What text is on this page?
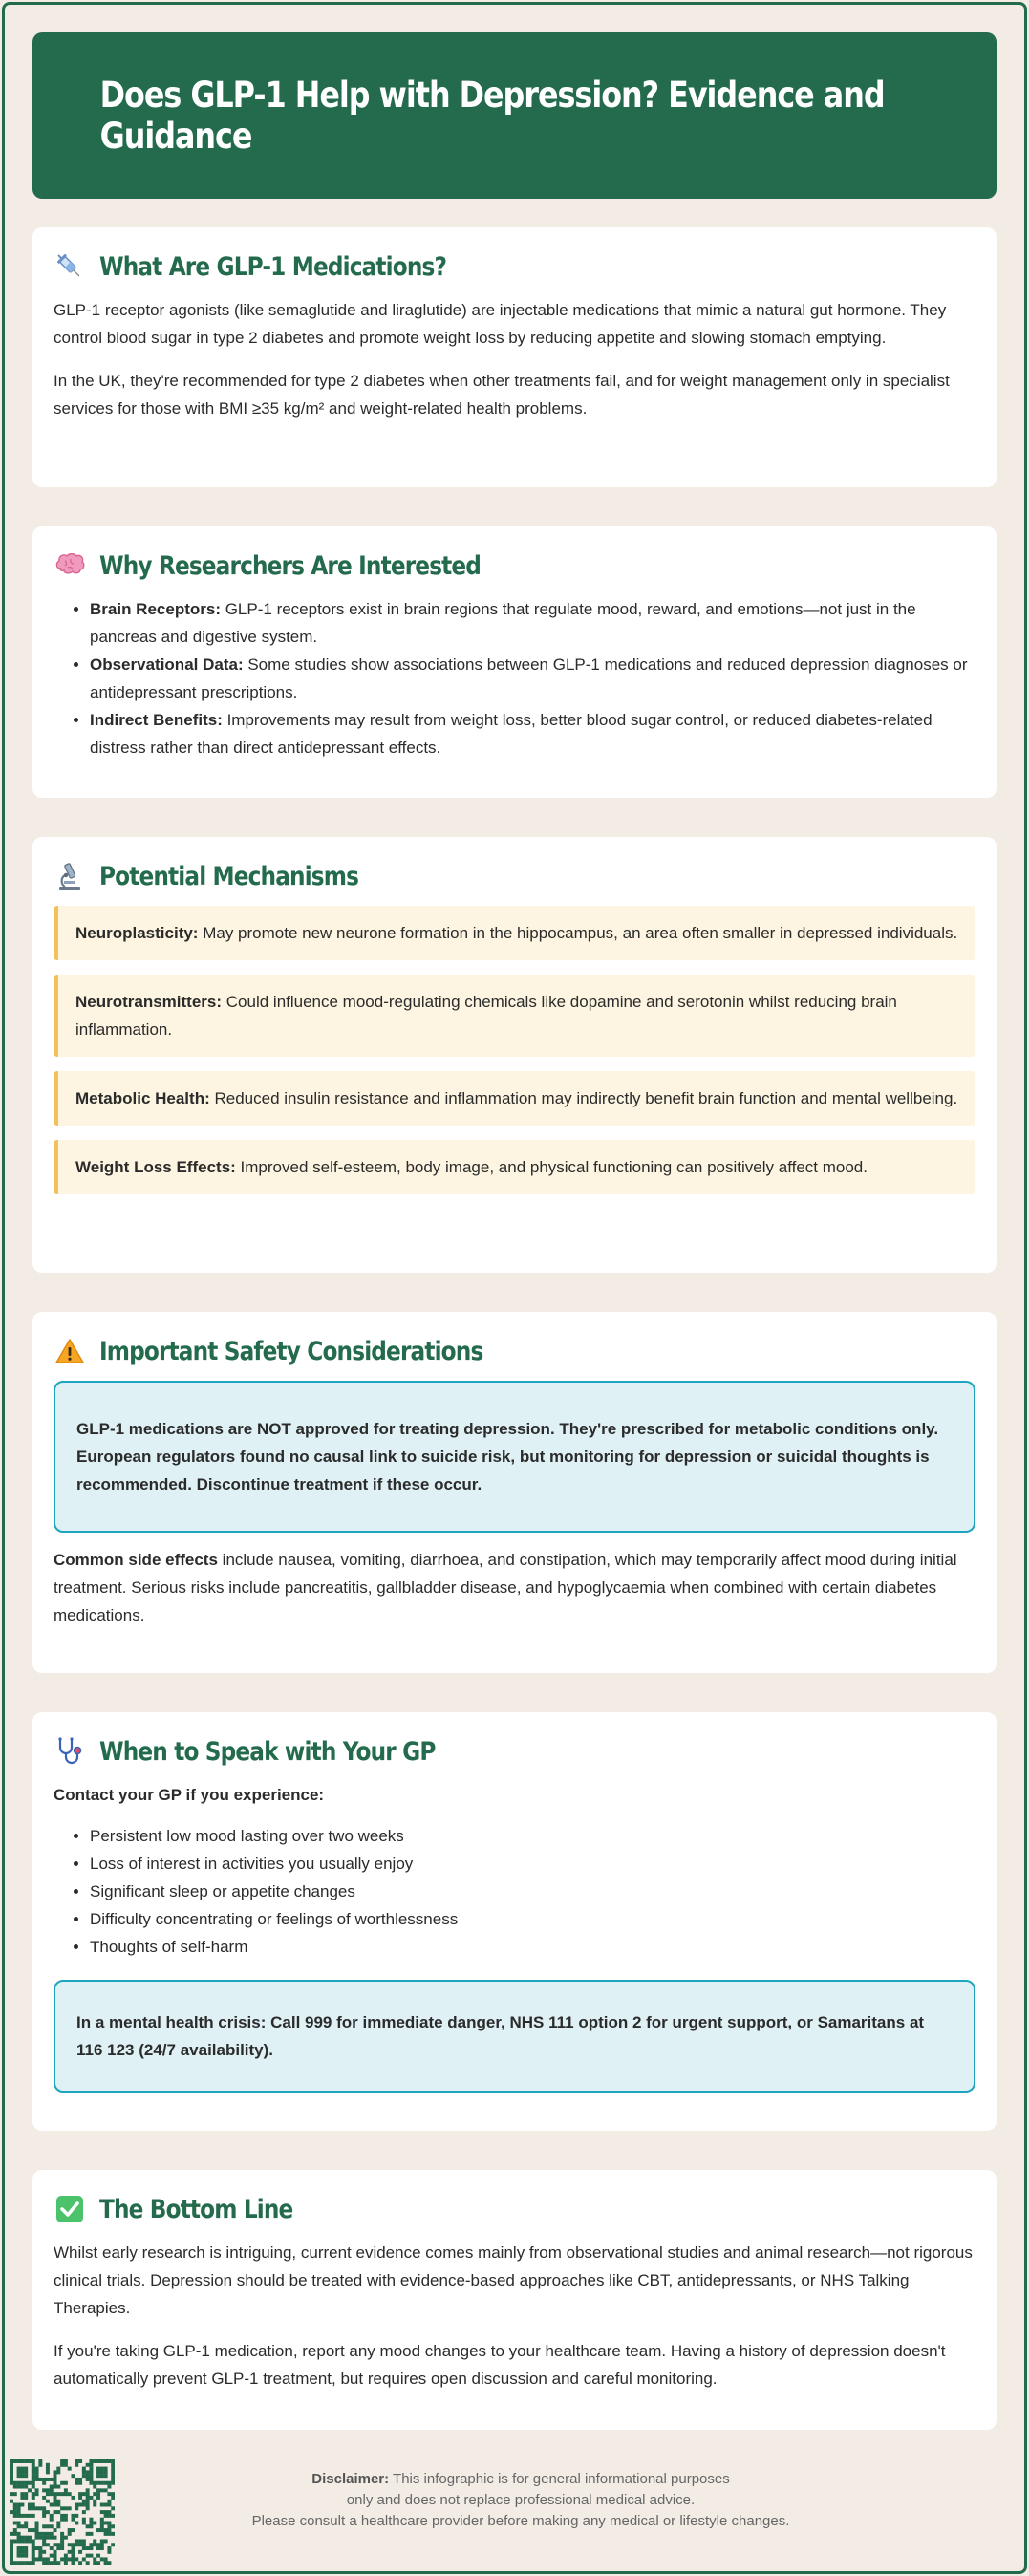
Does GLP-1 Help with Depression? Evidence and Guidance
What Are GLP-1 Medications?

GLP-1 receptor agonists (like semaglutide and liraglutide) are injectable medications that mimic a natural gut hormone. They control blood sugar in type 2 diabetes and promote weight loss by reducing appetite and slowing stomach emptying.

In the UK, they're recommended for type 2 diabetes when other treatments fail, and for weight management only in specialist services for those with BMI ≥35 kg/m² and weight-related health problems.

Why Researchers Are Interested
• Brain Receptors: GLP-1 receptors exist in brain regions that regulate mood, reward, and emotions—not just in the pancreas and digestive system.
• Observational Data: Some studies show associations between GLP-1 medications and reduced depression diagnoses or antidepressant prescriptions.
• Indirect Benefits: Improvements may result from weight loss, better blood sugar control, or reduced diabetes-related distress rather than direct antidepressant effects.
Potential Mechanisms
Neuroplasticity: May promote new neurone formation in the hippocampus, an area often smaller in depressed individuals.
Neurotransmitters: Could influence mood-regulating chemicals like dopamine and serotonin whilst reducing brain inflammation.
Metabolic Health: Reduced insulin resistance and inflammation may indirectly benefit brain function and mental wellbeing.
Weight Loss Effects: Improved self-esteem, body image, and physical functioning can positively affect mood.
Important Safety Considerations
GLP-1 medications are NOT approved for treating depression. They're prescribed for metabolic conditions only. European regulators found no causal link to suicide risk, but monitoring for depression or suicidal thoughts is recommended. Discontinue treatment if these occur.

Common side effects include nausea, vomiting, diarrhoea, and constipation, which may temporarily affect mood during initial treatment. Serious risks include pancreatitis, gallbladder disease, and hypoglycaemia when combined with certain diabetes medications.

When to Speak with Your GP

Contact your GP if you experience:

• Persistent low mood lasting over two weeks
• Loss of interest in activities you usually enjoy
• Significant sleep or appetite changes
• Difficulty concentrating or feelings of worthlessness
• Thoughts of self-harm
In a mental health crisis: Call 999 for immediate danger, NHS 111 option 2 for urgent support, or Samaritans at 116 123 (24/7 availability).
The Bottom Line

Whilst early research is intriguing, current evidence comes mainly from observational studies and animal research—not rigorous clinical trials. Depression should be treated with evidence-based approaches like CBT, antidepressants, or NHS Talking Therapies.

If you're taking GLP-1 medication, report any mood changes to your healthcare team. Having a history of depression doesn't automatically prevent GLP-1 treatment, but requires open discussion and careful monitoring.

Disclaimer: This infographic is for general informational purposes
only and does not replace professional medical advice.
Please consult a healthcare provider before making any medical or lifestyle changes.
